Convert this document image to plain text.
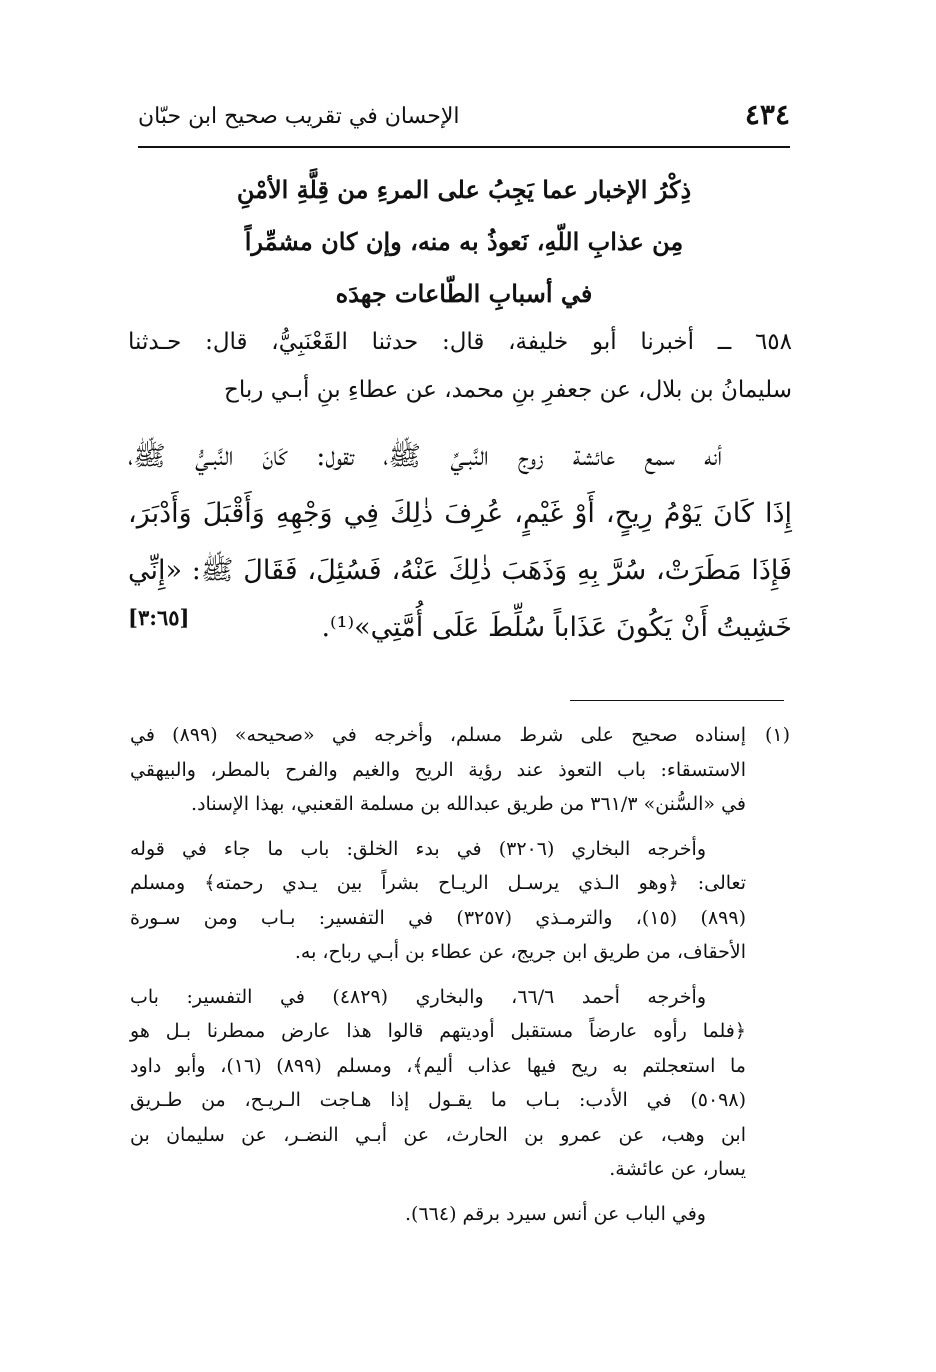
٤٣٤
الإحسان في تقريب صحيح ابن حبّان
ذِكْرُ الإخبار عما يَجِبُ على المرءِ من قِلَّةِ الأمْنِ
مِن عذابِ اللّهِ، نَعوذُ به منه، وإن كان مشمِّراً
في أسبابِ الطّاعات جهدَه
٦٥٨ ــ أخبرنا أبو خليفة، قال: حدثنا القَعْنَبِيُّ، قال: حـدثنا
سليمانُ بن بلال، عن جعفرِ بنِ محمد، عن عطاءِ بنِ أبـي رباح
أنه سمع عائشة زوج النَّبـيِّ ﷺ، تقول: كَانَ النَّبـيُّ ﷺ،
إِذَا كَانَ يَوْمُ رِيحٍ، أَوْ غَيْمٍ، عُرِفَ ذٰلِكَ فِي وَجْهِهِ وَأَقْبَلَ وَأَدْبَرَ،
فَإِذَا مَطَرَتْ، سُرَّ بِهِ وَذَهَبَ ذٰلِكَ عَنْهُ، فَسُئِلَ، فَقَالَ ﷺ: «إِنِّي
خَشِيتُ أَنْ يَكُونَ عَذَاباً سُلِّطَ عَلَى أُمَّتِي»⁽¹⁾.
[٣:٦٥]
(١)إسناده صحيح على شرط مسلم، وأخرجه في «صحيحه» (٨٩٩) في
الاستسقاء: باب التعوذ عند رؤية الريح والغيم والفرح بالمطر، والبيهقي
في «السُّنن» ٣٦١/٣ من طريق عبدالله بن مسلمة القعنبي، بهذا الإسناد.
وأخرجه البخاري (٣٢٠٦) في بدء الخلق: باب ما جاء في قوله
تعالى: ﴿وهو الـذي يرسـل الريـاح بشراً بين يـدي رحمته﴾ ومسلم
(٨٩٩) (١٥)، والترمـذي (٣٢٥٧) في التفسير: بـاب ومن سـورة
الأحقاف، من طريق ابن جريج، عن عطاء بن أبـي رباح، به.
وأخرجه أحمد ٦٦/٦، والبخاري (٤٨٢٩) في التفسير: باب
﴿فلما رأوه عارضاً مستقبل أوديتهم قالوا هذا عارض ممطرنا بـل هو
ما استعجلتم به ريح فيها عذاب أليم﴾، ومسلم (٨٩٩) (١٦)، وأبو داود
(٥٠٩٨) في الأدب: بـاب ما يقـول إذا هـاجت الـريـح، من طـريق
ابن وهب، عن عمرو بن الحارث، عن أبـي النضـر، عن سليمان بن
يسار، عن عائشة.
وفي الباب عن أنس سيرد برقم (٦٦٤).
